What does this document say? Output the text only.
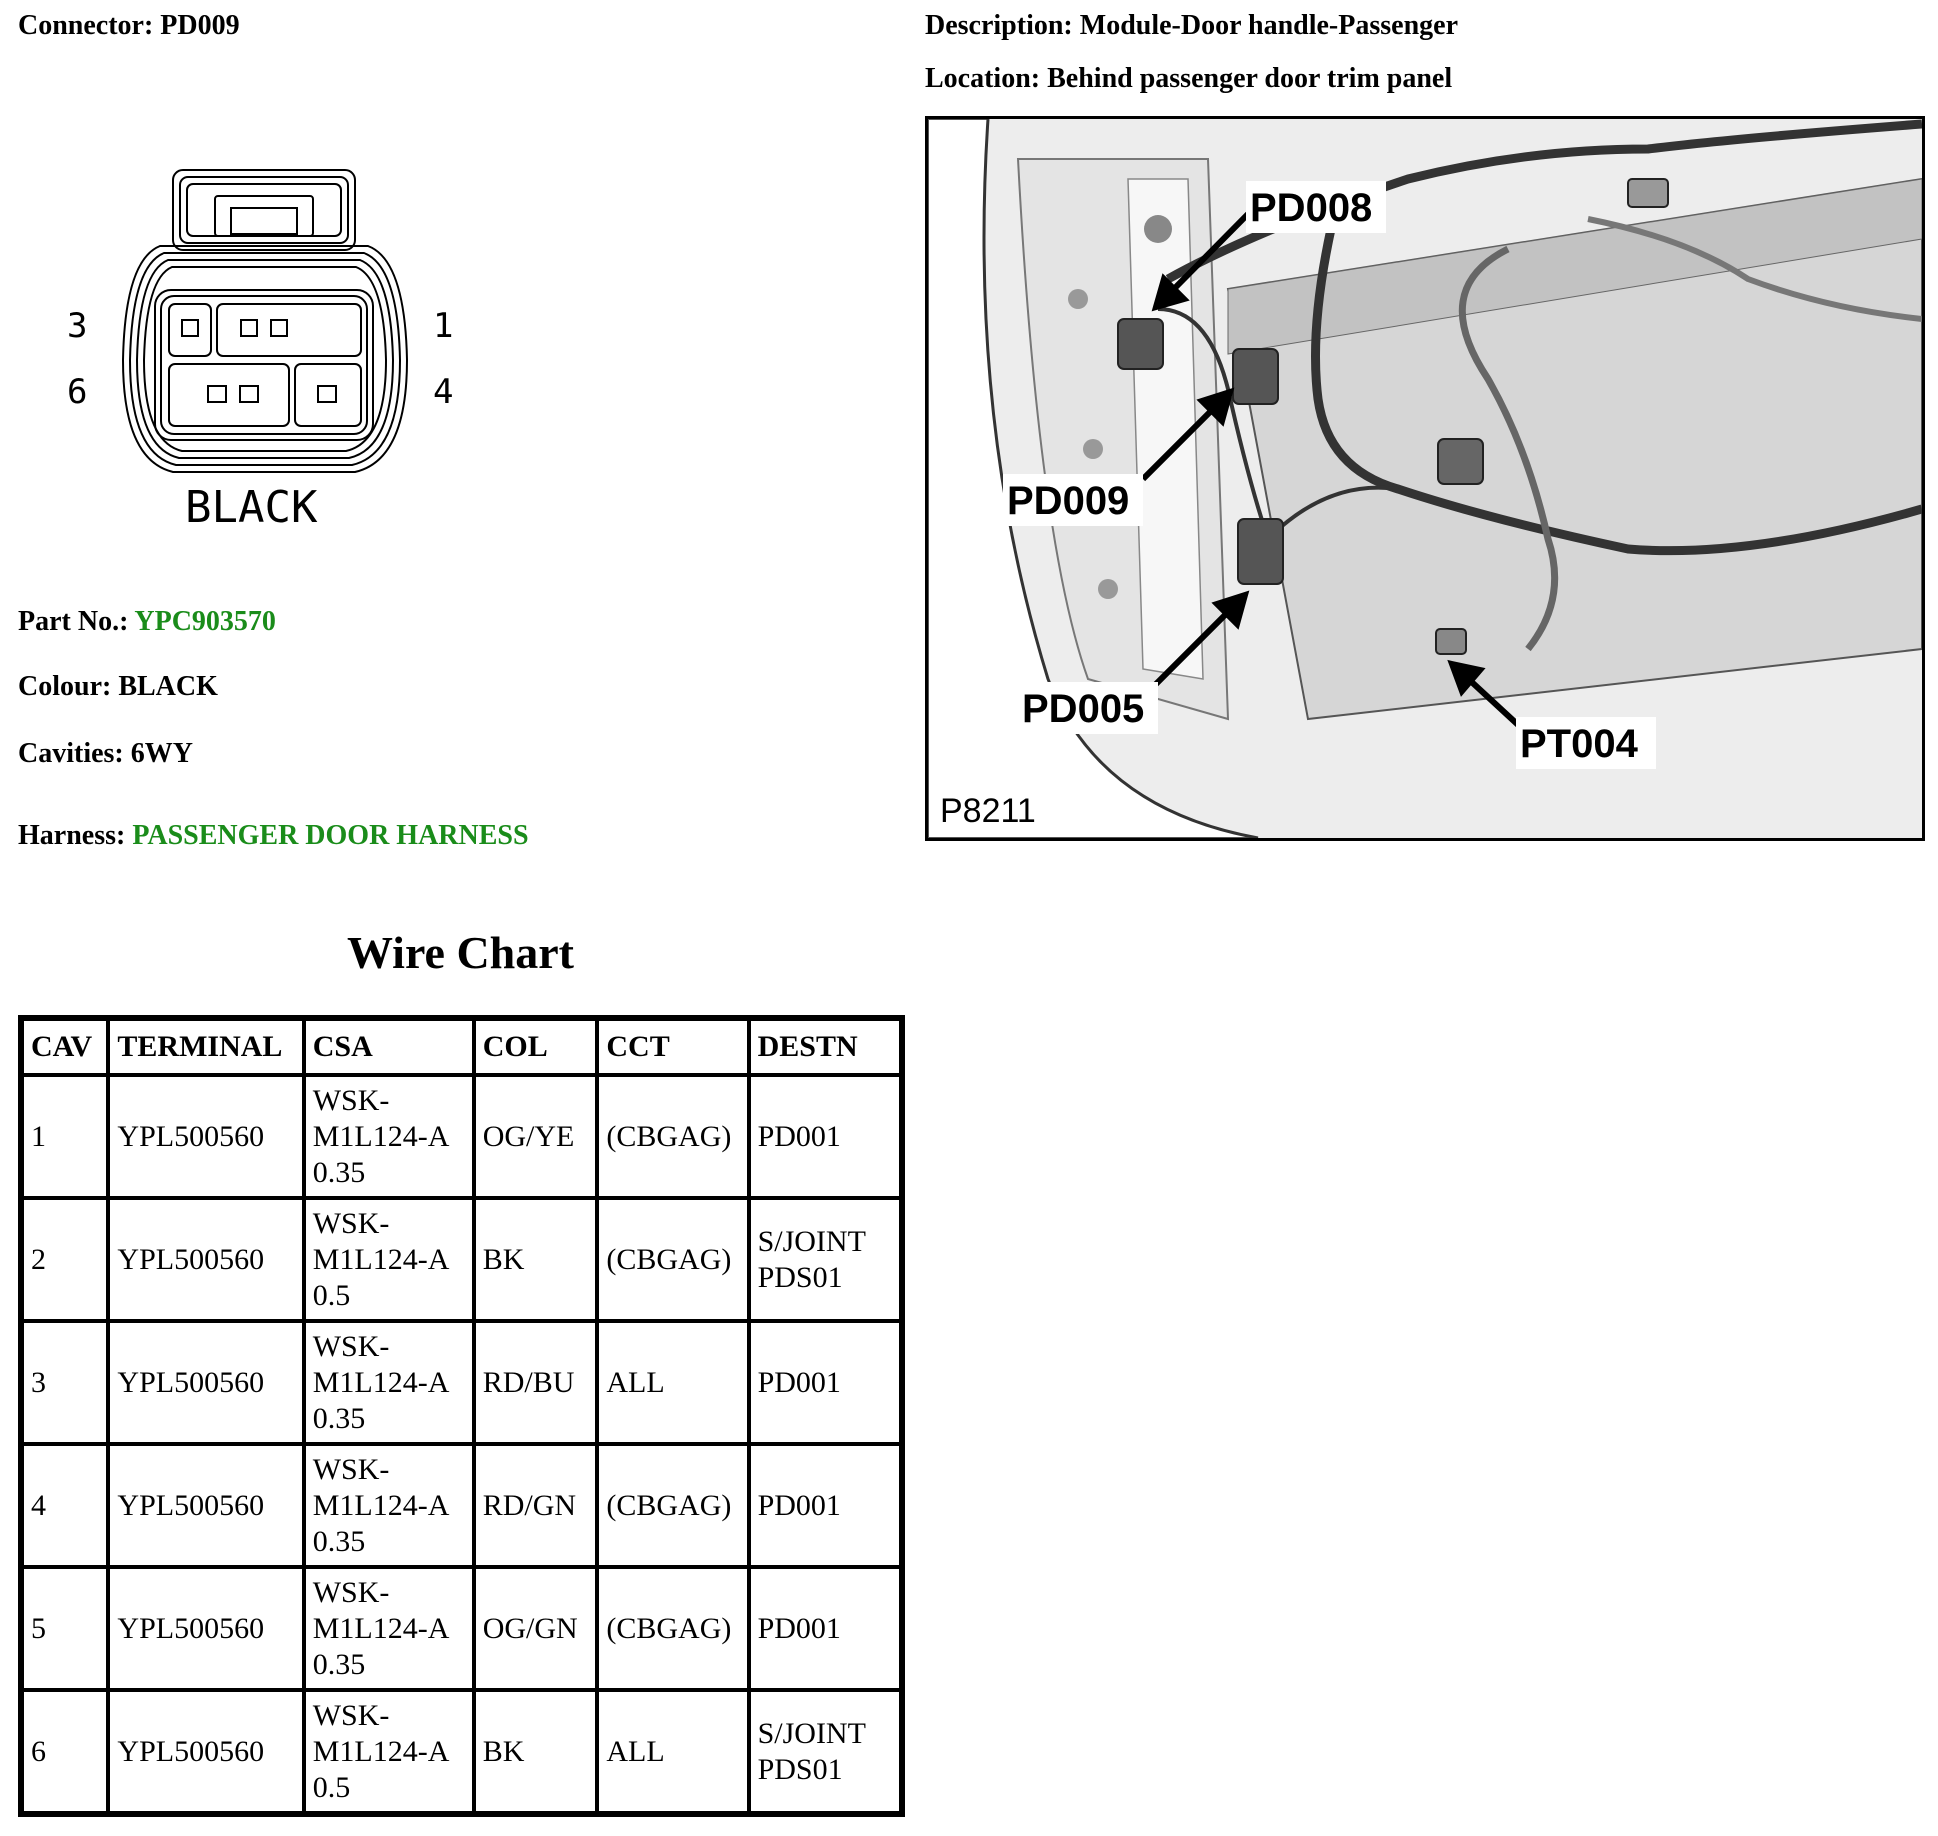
Connector: PD009	Description: Module-Door handle-Passenger
Location: Behind passenger door trim panel
3	1
6	4
BLACK
Part No.: YPC903570
Colour: BLACK
Cavities: 6WY
Harness: PASSENGER DOOR HARNESS
PD008
PD009
PD005
PT004
P8211
Wire Chart
CAV	TERMINAL	CSA	COL	CCT	DESTN
1	YPL500560	WSK-
M1L124-A
0.35	OG/YE	(CBGAG)	PD001
2	YPL500560	WSK-
M1L124-A
0.5	BK	(CBGAG)	S/JOINT
PDS01
3	YPL500560	WSK-
M1L124-A
0.35	RD/BU	ALL	PD001
4	YPL500560	WSK-
M1L124-A
0.35	RD/GN	(CBGAG)	PD001
5	YPL500560	WSK-
M1L124-A
0.35	OG/GN	(CBGAG)	PD001
6	YPL500560	WSK-
M1L124-A
0.5	BK	ALL	S/JOINT
PDS01
